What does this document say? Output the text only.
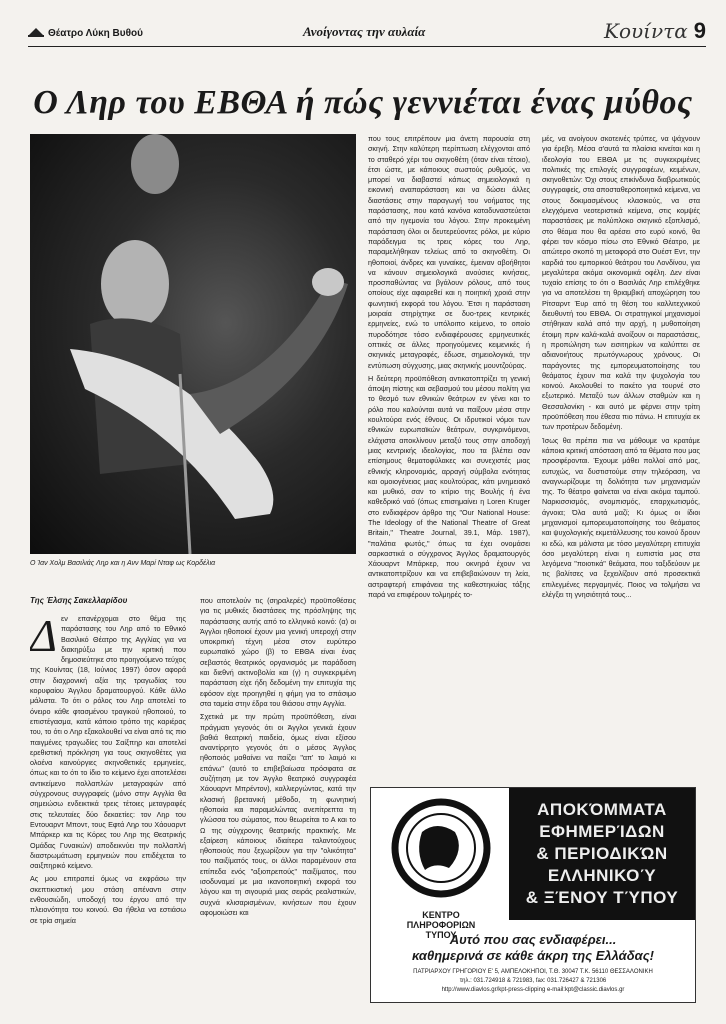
Θέατρο Λύκη Βυθού	Ανοίγοντας την αυλαία	Κουίντα 9
Ο Ληρ του ΕΒΘΑ ή πώς γεννιέται ένας μύθος
Ο Ίαν Χολμ Βασιλιάς Ληρ και η Ανν Μαρί Νταφ ως Κορδέλια
Της Έλσης Σακελλαρίδου
Δ εν επανέρχομαι στο θέμα της παράστασης του Ληρ από το Εθνικό Βασιλικό Θέατρο της Αγγλίας για να διακηρύξω με την κριτική που δημοσιεύτηκε στο προηγούμενο τεύχος της Κουίντας (18, Ιούνιος 1997) όσον αφορά στην διαχρονική αξία της τραγωδίας του κορυφαίου Άγγλου δραματουργού. Κάθε άλλο μάλιστα. Το ότι ο ρόλος του Ληρ αποτελεί το όνειρο κάθε φτασμένου τραγικού ηθοποιού, το επιστέγασμα, κατά κάποιο τρόπο της καριέρας του, το ότι ο Ληρ εξακολουθεί να είναι από τις πιο παιγμένες τραγωδίες του Σαίξπηρ και αποτελεί ερεθιστική πρόκληση για τους σκηνοθέτες για ολοένα καινούργιες σκηνοθετικές ερμηνείες, όπως και το ότι το ίδιο το κείμενο έχει αποτελέσει αντικείμενο πολλαπλών μεταγραφών από σύγχρονους συγγραφείς (μόνο στην Αγγλία θα σημειώσω ενδεικτικά τρεις τέτοιες μεταγραφές στις τελευταίες δύο δεκαετίες: τον Ληρ του Εντουαρντ Μποντ, τους Εφτά Ληρ του Χάουαρντ Μπάρκερ και τις Κόρες του Ληρ της Θεατρικής Ομάδας Γυναικών) αποδεικνύει την πολλαπλή διαστρωμάτωση ερμηνειών που επιδέχεται το σαιξπηρικό κείμενο.

Ας μου επιτραπεί όμως να εκφράσω την σκεπτικιστική μου στάση απέναντι στην ενθουσιώδη, υποδοχή του έργου από την πλειονότητα του κοινού. Θα ήθελα να εστιάσω σε τρία σημεία

που αποτελούν τις (σηραλερές) προϋποθέσεις για τις μυθικές διαστάσεις της πρόσληψης της παράστασης αυτής από το ελληνικό κοινό: (α) οι Άγγλοι ηθοποιοί έχουν μια γενική υπεροχή στην υποκριτική τέχνη μέσα στον ευρύτερο ευρωπαϊκό χώρο (β) το ΕΒΘΑ είναι ένας σεβαστός θεατρικός οργανισμός με παράδοση και διεθνή ακτινοβολία και (γ) η συγκεκριμένη παράσταση είχε ήδη δεδομένη την επιτυχία της εφόσον είχε προηγηθεί η φήμη για το σπάσιμο στα ταμεία στην έδρα του θιάσου στην Αγγλία.

Σχετικά με την πρώτη προϋπόθεση, είναι πράγματι γεγονός ότι οι Άγγλοι γενικά έχουν βαθιά θεατρική παιδεία, όμως είναι εξίσου αναντίρρητο γεγονός ότι ο μέσος Άγγλος ηθοποιός μαθαίνει να παίζει "απ' το λαιμό κι επάνω" (αυτό το επιβεβαίωσα πρόσφατα σε συζήτηση με τον Άγγλο θεατρικό συγγραφέα Χάουαρντ Μπρέντον), καλλιεργώντας, κατά την κλασική βρετανική μέθοδο, τη φωνητική ηθοποιία και παραμελώντας ανεπίτρεπτα τη γλώσσα του σώματος, που θεωρείται το Α και το Ω της σύγχρονης θεατρικής πρακτικής. Με εξαίρεση κάποιους ιδιαίτερα ταλαντούχους ηθοποιούς που ξεχωρίζουν για την "ολικότητα" του παιξίματός τους, οι άλλοι παραμένουν στα επίπεδα ενός "αξιοπρεπούς" παιξίματος, που ισοδυναμεί με μια ικανοποιητική εκφορά του λόγου και τη σιγουριά μιας σειράς ρεαλιστικών, συχνά κλισαρισμένων, κινήσεων που έχουν αφομοιώσει και

που τους επιτρέπουν μια άνετη παρουσία στη σκηνή. Στην καλύτερη περίπτωση ελέγχονται από το σταθερό χέρι του σκηνοθέτη (όταν είναι τέτοιο), έτσι ώστε, με κάποιους σωστούς ρυθμούς, να μπορεί να διαβαστεί κάπως σημειολογικά η εικονική αναπαράσταση και να δώσει άλλες διαστάσεις στην παραγωγή του νοήματος της παράστασης, που κατά κανόνα καταδυναστεύεται από την ηγεμονία του λόγου. Στην προκειμένη παράσταση όλοι οι δευτερεύοντες ρόλοι, με κύριο παράδειγμα τις τρεις κόρες του Ληρ, παραμελήθηκαν τελείως από το σκηνοθέτη. Οι ηθοποιοί, άνδρες και γυναίκες, έμειναν αβοήθητοι να κάνουν σημειολογικά ανούσιες κινήσεις, προσπαθώντας να βγάλουν ρόλους, από τους οποίους είχε αφαιρεθεί και η ποιητική χροιά στην φωνητική εκφορά του λόγου. Έτσι η παράσταση μοιραία στηρίχτηκε σε δυο-τρεις κεντρικές ερμηνείες, ενώ το υπόλοιπο κείμενο, το οποίο πυροδότησε τόσο ενδιαφέρουσες ερμηνευτικές οπτικές σε άλλες προηγούμενες κειμενικές ή σκηνικές μεταγραφές, έδωσε, σημειολογικά, την εντύπωση σύγχυσης, μιας σκηνικής μουντζούρας.

Η δεύτερη προϋπόθεση αντικατοπτρίζει τη γενική άποψη πίστης και σεβασμού του μέσου πολίτη για το θεσμό των εθνικών θεάτρων εν γένει και το ρόλο που καλούνται αυτά να παίξουν μέσα στην κουλτούρα ενός έθνους. Οι ιδρυτικοί νόμοι των εθνικών ευρωπαϊκών θεάτρων, συγκρινόμενοι, ελάχιστα αποκλίνουν μεταξύ τους στην αποδοχή μιας κεντρικής ιδεολογίας, που τα βλέπει σαν επίσημους θεματοφύλακες και συνεχιστές μιας εθνικής κληρονομιάς, αρραγή σύμβολα ενότητας και ομοιογένειας μιας κουλτούρας, κάτι μνημειακό και μυθικό, σαν το κτίριο της Βουλής ή ένα καθεδρικό ναό (όπως επισημαίνει η Loren Kruger στο ενδιαφέρον άρθρο της "Our National House: The Ideology of the National Theatre of Great Britain," Theatre Journal, 39.1, Μάρ. 1987), "παλάτια φωτός," όπως τα έχει ονομάσει σαρκαστικά ο σύγχρονος Άγγλος δραματουργός Χάουαρντ Μπάρκερ, που οκνηρά έχουν να αντικατοπτρίζουν και να επιβεβαιώνουν τη λεία, αστραφτερή επιφάνεια της καθεστηκυίας τάξης παρά να επιφέρουν τολμηρές το-

μές, να ανοίγουν σκοτεινές τρύπες, να ψάχνουν για έρεβη. Μέσα σ'αυτά τα πλαίσια κινείται και η ιδεολογία του ΕΒΘΑ με τις συγκεκριμένες πολιτικές της επιλογές συγγραφέων, κειμένων, σκηνοθετών: Όχι στους επικίνδυνα διαβρωτικούς συγγραφείς, στα αποσταθεροποιητικά κείμενα, να στους δοκιμασμένους κλασικούς, να στα ελεγχόμενα νεοτεριστικά κείμενα, στις κομψές παραστάσεις με πολύπλοκο σκηνικό εξοπλισμό, στο θέαμα που θα αρέσει στο ευρύ κοινό, θα φέρει τον κόσμο πίσω στο Εθνικό Θέατρο, με απώτερο σκοπό τη μεταφορά στο Ουέστ Εντ, την καρδιά του εμπορικού θεάτρου του Λονδίνου, για μεγαλύτερα ακόμα οικονομικά οφέλη. Δεν είναι τυχαίο επίσης το ότι ο Βασιλιάς Ληρ επιλέχθηκε για να αποτελέσει τη θριαμβική αποχώρηση του Ρίτσαρντ Έυρ από τη θέση του καλλιτεχνικού διευθυντή του ΕΒΘΑ. Οι στρατηγικοί μηχανισμοί στήθηκαν καλά από την αρχή, η μυθοποίηση έτοιμη πριν καλά-καλά ανοίξουν οι παραστάσεις, η προπώληση των εισιτηρίων να καλύπτει σε αδιανοιήτους πρωτόγνωρους χρόνους. Οι παράγοντες της εμπορευματοποίησης του θεάματος έχουν πια καλά την ψυχολογία του κοινού. Ακολουθεί το πακέτο για τουρνέ στο εξωτερικό. Μεταξύ των άλλων σταθμών και η Θεσσαλονίκη - και αυτό με φέρνει στην τρίτη προϋπόθεση που έθεσα πιο πάνω. Η επιτυχία εκ των προτέρων δεδομένη.

Ίσως θα πρέπει πια να μάθουμε να κρατάμε κάποια κριτική απόσταση από τα θέματα που μας προσφέρονται. Έχουμε μάθει πολλοί από μας, ευτυχώς, να δυστιστούμε στην τηλεόραση, να αναγνωρίζουμε τη δολιότητα των μηχανισμών της. Το θέατρο φαίνεται να είναι ακόμα ταμπού. Ναρκισσισμός, σνομπισμός, επαρχιωτισμός, άγνοια; Όλα αυτά μαζί; Κι όμως οι ίδιοι μηχανισμοί εμπορευματοποίησης του θεάματος και ψυχολογικής εκμετάλλευσης του κοινού δρουν κι εδώ, και μάλιστα με τόσο μεγαλύτερη επιτυχία όσο μεγαλύτερη είναι η ευπιστία μας στα λεγόμενα "ποιοτικά" θεάματα, που ταξιδεύουν με τις βαλίτσες να ξεχειλίζουν από προσεκτικά επιλεγμένες περγαμηνές. Ποιος να τολμήσει να ελέγξει τη γνησιότητά τους...

ΚΕΝΤΡΟ
ΠΛΗΡΟΦΟΡΙΩΝ
ΤΥΠΟΥ
ΑΠΟΚΌΜΜΑΤΑ
ΕΦΗΜΕΡΊΔΩΝ
& ΠΕΡΙΟΔΙΚΏΝ
ΕΛΛΗΝΙΚΟΎ
& ΞΈΝΟΥ ΤΎΠΟΥ
Αυτό που σας ενδιαφέρει...
καθημερινά σε κάθε άκρη της Ελλάδας!
ΠΑΤΡΙΑΡΧΟΥ ΓΡΗΓΟΡΙΟΥ Ε' 5, ΑΜΠΕΛΟΚΗΠΟΙ, Τ.Θ. 30047 Τ.Κ. 56110 ΘΕΣΣΑΛΟΝΙΚΗ
τηλ.: 031.724918 & 721983, fax: 031.726427 & 721306
http://www.diavlos.gr/kpt-press-clipping e-mail:kpt@classic.diavlos.gr
